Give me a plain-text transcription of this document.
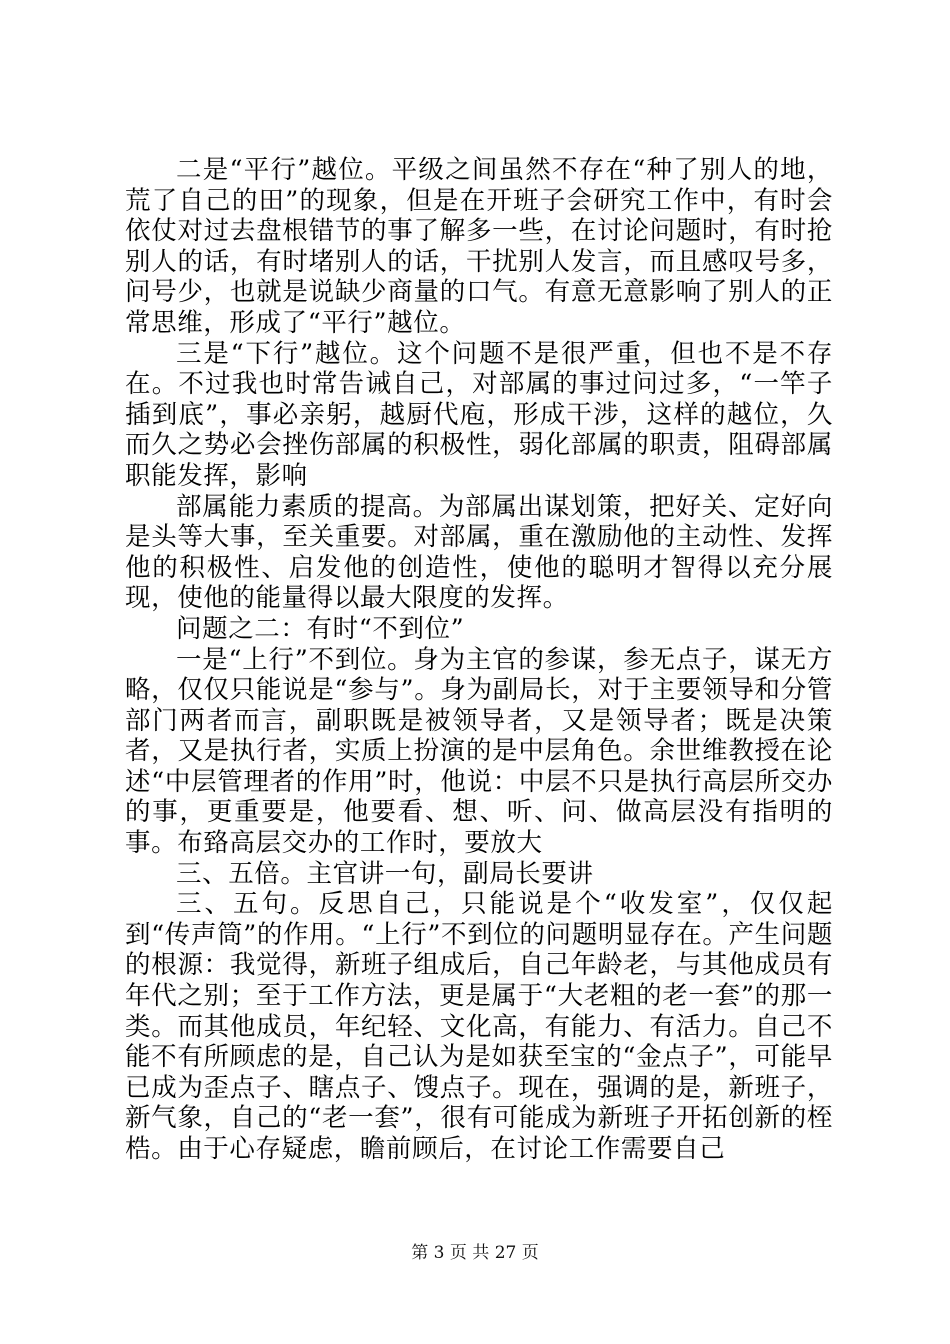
二是“平行”越位。平级之间虽然不存在“种了别人的地，荒了自己的田”的现象，但是在开班子会研究工作中，有时会依仗对过去盘根错节的事了解多一些，在讨论问题时，有时抢别人的话，有时堵别人的话，干扰别人发言，而且感叹号多，问号少，也就是说缺少商量的口气。有意无意影响了别人的正常思维，形成了“平行”越位。

三是“下行”越位。这个问题不是很严重，但也不是不存在。不过我也时常告诫自己，对部属的事过问过多，“一竿子插到底”，事必亲躬，越厨代庖，形成干涉，这样的越位，久而久之势必会挫伤部属的积极性，弱化部属的职责，阻碍部属职能发挥，影响

部属能力素质的提高。为部属出谋划策，把好关、定好向是头等大事，至关重要。对部属，重在激励他的主动性、发挥他的积极性、启发他的创造性，使他的聪明才智得以充分展现，使他的能量得以最大限度的发挥。

问题之二：有时“不到位”

一是“上行”不到位。身为主官的参谋，参无点子，谋无方略，仅仅只能说是“参与”。身为副局长，对于主要领导和分管部门两者而言，副职既是被领导者，又是领导者；既是决策者，又是执行者，实质上扮演的是中层角色。余世维教授在论述“中层管理者的作用”时，他说：中层不只是执行高层所交办的事，更重要是，他要看、想、听、问、做高层没有指明的事。布臵高层交办的工作时，要放大

三、五倍。主官讲一句，副局长要讲

三、五句。反思自己，只能说是个“收发室”，仅仅起到“传声筒”的作用。“上行”不到位的问题明显存在。产生问题的根源：我觉得，新班子组成后，自己年龄老，与其他成员有年代之别；至于工作方法，更是属于“大老粗的老一套”的那一类。而其他成员，年纪轻、文化高，有能力、有活力。自己不能不有所顾虑的是，自己认为是如获至宝的“金点子”，可能早已成为歪点子、瞎点子、馊点子。现在，强调的是，新班子，新气象，自己的“老一套”，很有可能成为新班子开拓创新的桎梏。由于心存疑虑，瞻前顾后，在讨论工作需要自己

第 3 页 共 27 页
